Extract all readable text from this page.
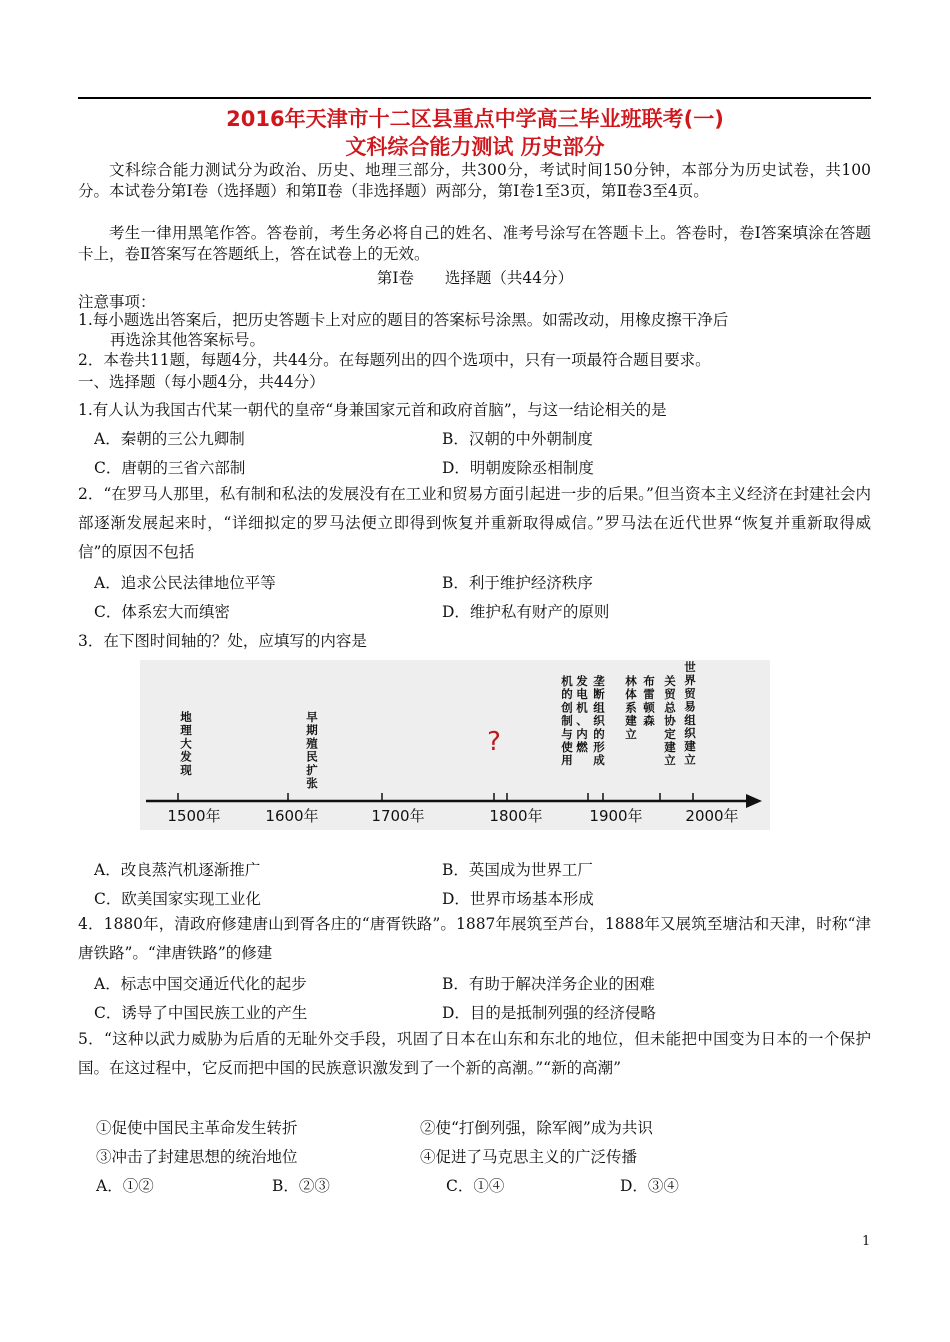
2016年天津市十二区县重点中学高三毕业班联考(一)
文科综合能力测试 历史部分
文科综合能力测试分为政治、历史、地理三部分，共300分，考试时间150分钟，本部分为历史试卷，共100分。本试卷分第Ⅰ卷（选择题）和第Ⅱ卷（非选择题）两部分，第Ⅰ卷1至3页，第Ⅱ卷3至4页。
考生一律用黑笔作答。答卷前，考生务必将自己的姓名、准考号涂写在答题卡上。答卷时，卷Ⅰ答案填涂在答题卡上，卷Ⅱ答案写在答题纸上，答在试卷上的无效。
第Ⅰ卷　　选择题（共44分）
注意事项：
1.每小题选出答案后，把历史答题卡上对应的题目的答案标号涂黑。如需改动，用橡皮擦干净后
再选涂其他答案标号。
2．本卷共11题，每题4分，共44分。在每题列出的四个选项中，只有一项最符合题目要求。
一、选择题（每小题4分，共44分）
1.有人认为我国古代某一朝代的皇帝“身兼国家元首和政府首脑”，与这一结论相关的是
A．秦朝的三公九卿制	B．汉朝的中外朝制度
C．唐朝的三省六部制	D．明朝废除丞相制度
2．“在罗马人那里，私有制和私法的发展没有在工业和贸易方面引起进一步的后果。”但当资本主义经济在封建社会内部逐渐发展起来时，“详细拟定的罗马法便立即得到恢复并重新取得威信。”罗马法在近代世界“恢复并重新取得威信”的原因不包括
A．追求公民法律地位平等	B．利于维护经济秩序
C．体系宏大而缜密	D．维护私有财产的原则
3．在下图时间轴的？处，应填写的内容是
1500年	1600年	1700年	1800年	1900年	2000年
?
地理大发现
早期殖民扩张
机的创制与使用
发电机、内燃
垄断组织的形成
林体系建立
布雷顿森
关贸总协定建立
世界贸易组织建立
A．改良蒸汽机逐渐推广	B．英国成为世界工厂
C．欧美国家实现工业化	D．世界市场基本形成
4．1880年，清政府修建唐山到胥各庄的“唐胥铁路”。1887年展筑至芦台，1888年又展筑至塘沽和天津，时称“津唐铁路”。“津唐铁路”的修建
A．标志中国交通近代化的起步	B．有助于解决洋务企业的困难
C．诱导了中国民族工业的产生	D．目的是抵制列强的经济侵略
5．“这种以武力威胁为后盾的无耻外交手段，巩固了日本在山东和东北的地位，但未能把中国变为日本的一个保护国。在这过程中，它反而把中国的民族意识激发到了一个新的高潮。”“新的高潮”
①促使中国民主革命发生转折	②使“打倒列强，除军阀”成为共识
③冲击了封建思想的统治地位	④促进了马克思主义的广泛传播
A．①②	B．②③	C．①④	D．③④
1
